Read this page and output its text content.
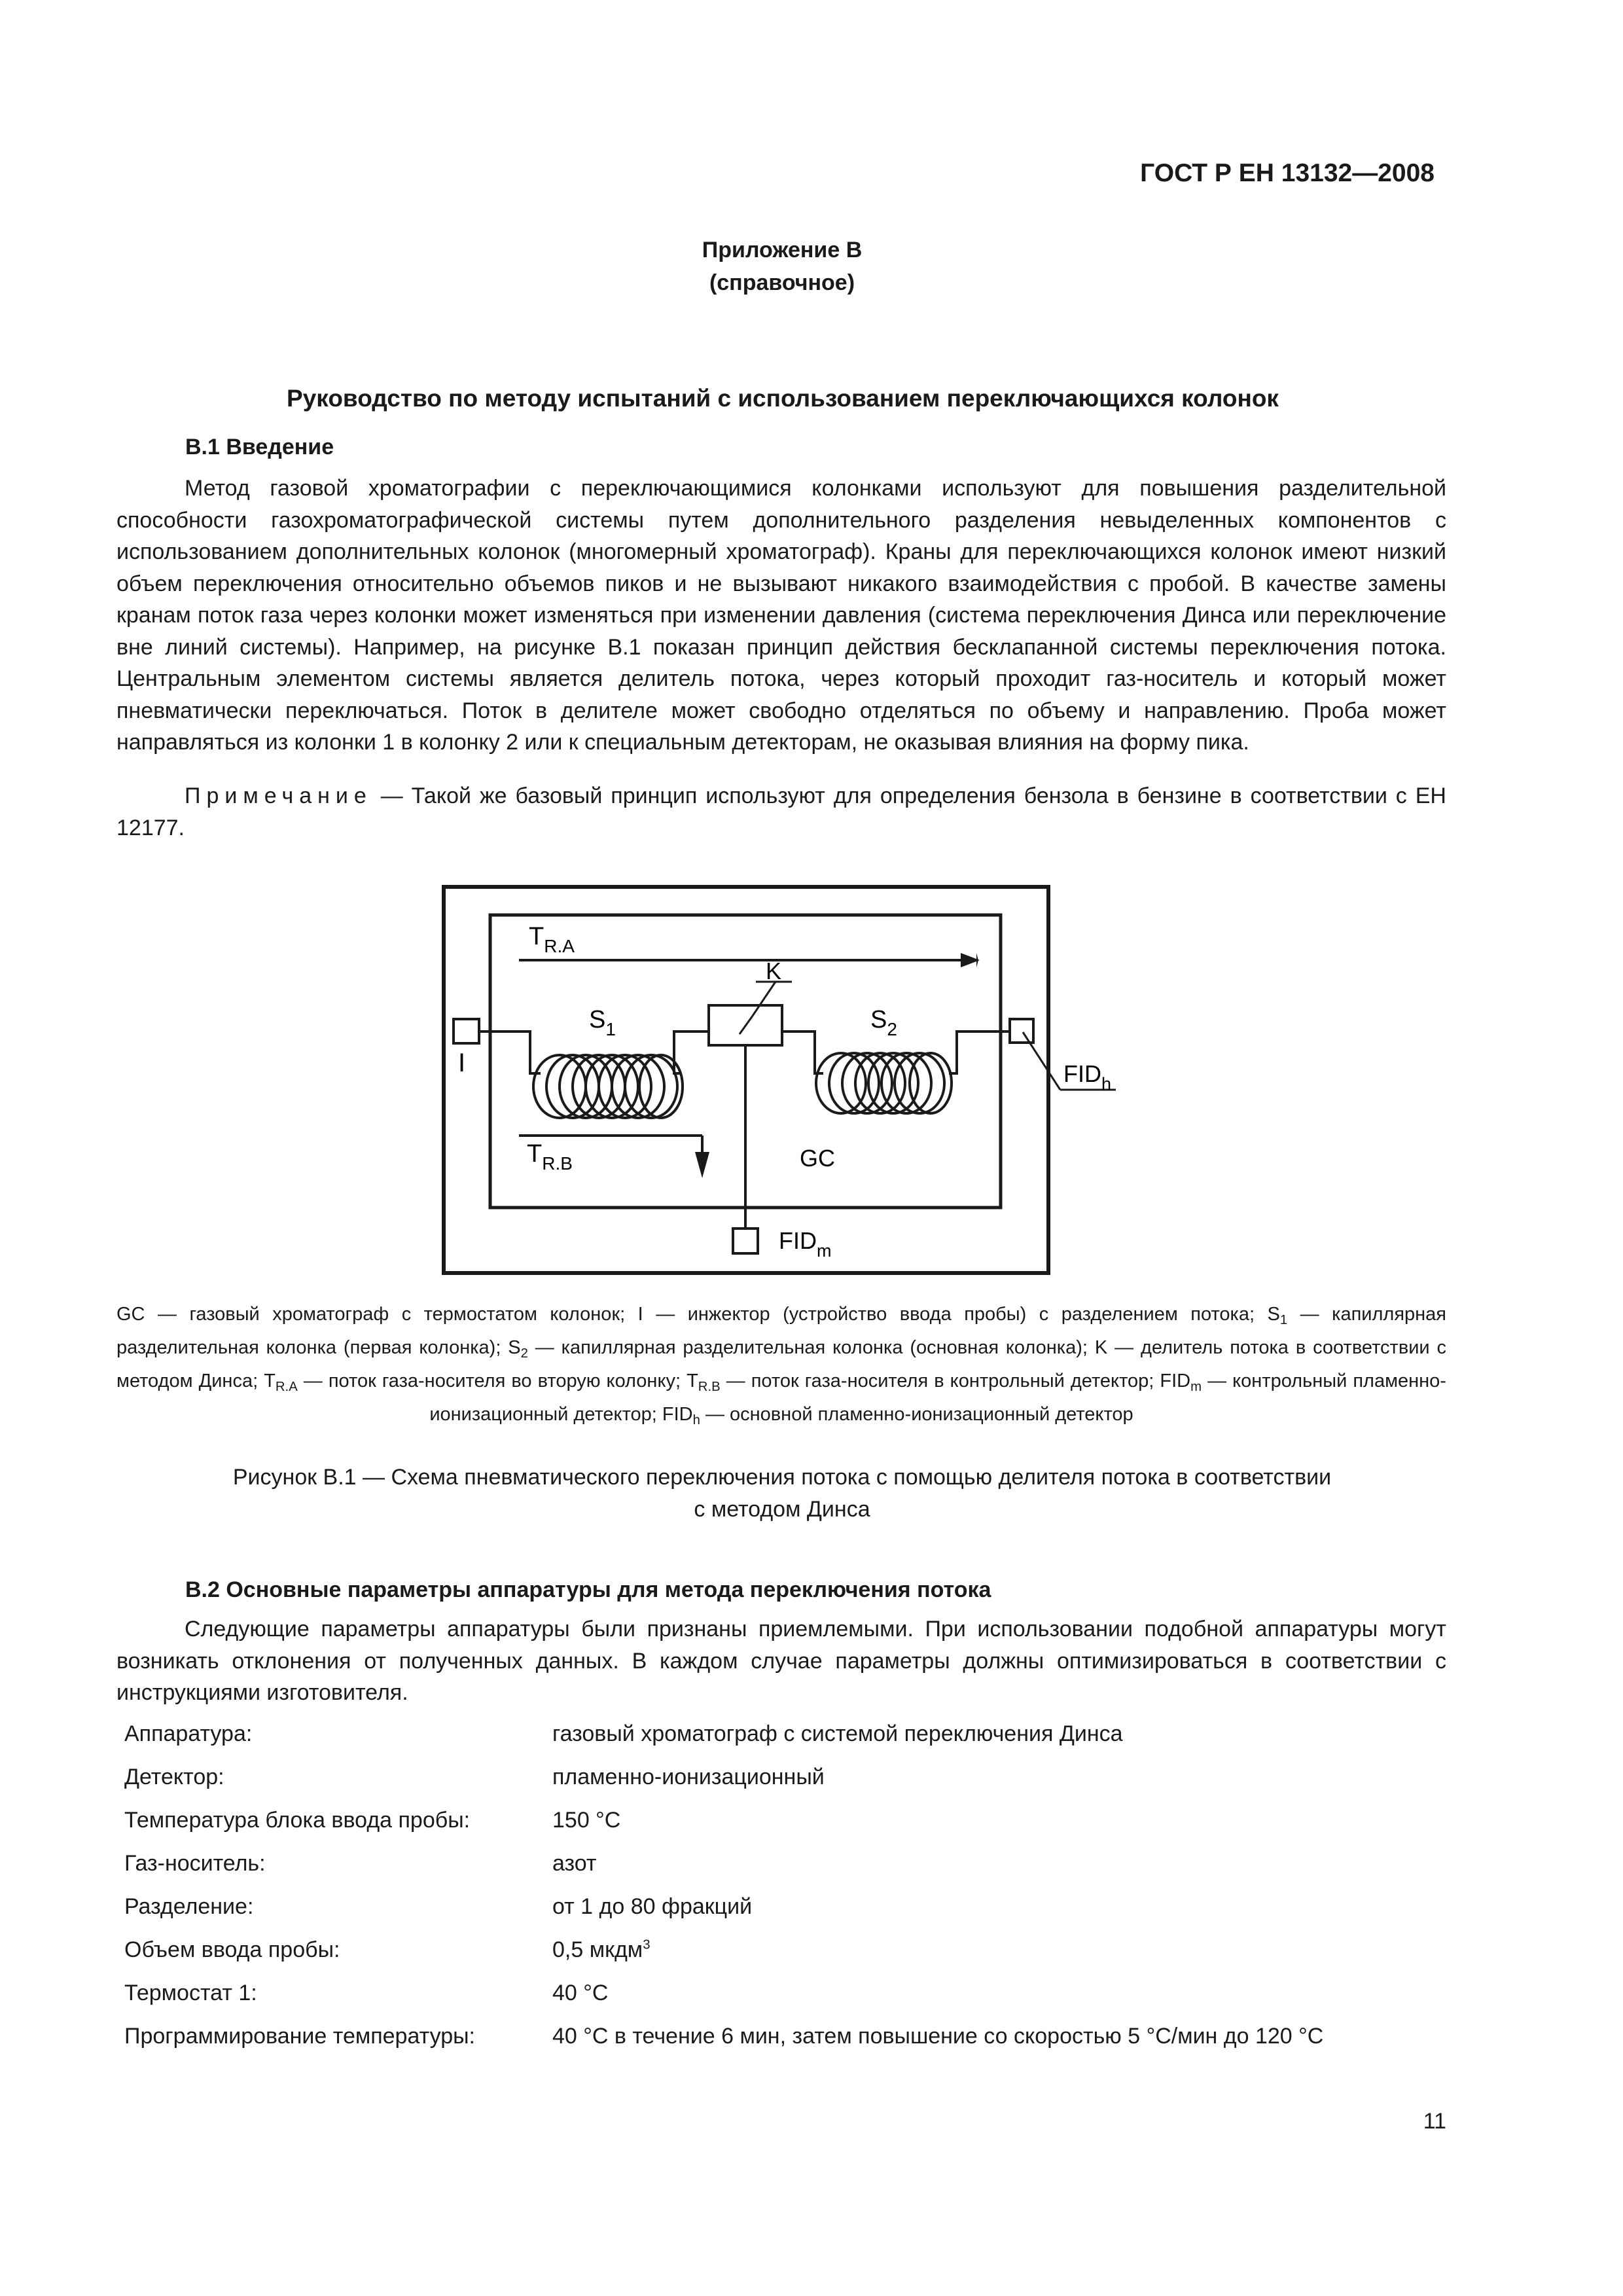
ГОСТ Р ЕН 13132—2008
Приложение В
(справочное)
Руководство по методу испытаний с использованием переключающихся колонок
В.1 Введение
Метод газовой хроматографии с переключающимися колонками используют для повышения разделительной способности газохроматографической системы путем дополнительного разделения невыделенных компонентов с использованием дополнительных колонок (многомерный хроматограф). Краны для переключающихся колонок имеют низкий объем переключения относительно объемов пиков и не вызывают никакого взаимодействия с пробой. В качестве замены кранам поток газа через колонки может изменяться при изменении давления (система переключения Динса или переключение вне линий системы). Например, на рисунке В.1 показан принцип действия бесклапанной системы переключения потока. Центральным элементом системы является делитель потока, через который проходит газ-носитель и который может пневматически переключаться. Поток в делителе может свободно отделяться по объему и направлению. Проба может направляться из колонки 1 в колонку 2 или к специальным детекторам, не оказывая влияния на форму пика.
Примечание — Такой же базовый принцип используют для определения бензола в бензине в соответствии с ЕН 12177.
$T_{R.A}$
I
$S_1$
K
$S_2$
$FID_h$
$T_{R.B}$	GC
$FID_m$
GC — газовый хроматограф с термостатом колонок; I — инжектор (устройство ввода пробы) с разделением потока; $S_1$ — капиллярная разделительная колонка (первая колонка); $S_2$ — капиллярная разделительная колонка (основная колонка); K — делитель потока в соответствии с методом Динса; $T_{R.A}$ — поток газа-носителя во вторую колонку; $T_{R.B}$ — поток газа-носителя в контрольный детектор; $FID_m$ — контрольный пламенно-ионизационный детектор; $FID_h$ — основной пламенно-ионизационный детектор
Рисунок В.1 — Схема пневматического переключения потока с помощью делителя потока в соответствии
с методом Динса
В.2 Основные параметры аппаратуры для метода переключения потока
Следующие параметры аппаратуры были признаны приемлемыми. При использовании подобной аппаратуры могут возникать отклонения от полученных данных. В каждом случае параметры должны оптимизироваться в соответствии с инструкциями изготовителя.
Аппаратура:	газовый хроматограф с системой переключения Динса
Детектор:	пламенно-ионизационный
Температура блока ввода пробы:	150 °С
Газ-носитель:	азот
Разделение:	от 1 до 80 фракций
Объем ввода пробы:	0,5 мкдм$^3$
Термостат 1:	40 °С
Программирование температуры:	40 °С в течение 6 мин, затем повышение со скоростью 5 °С/мин до 120 °С
11
